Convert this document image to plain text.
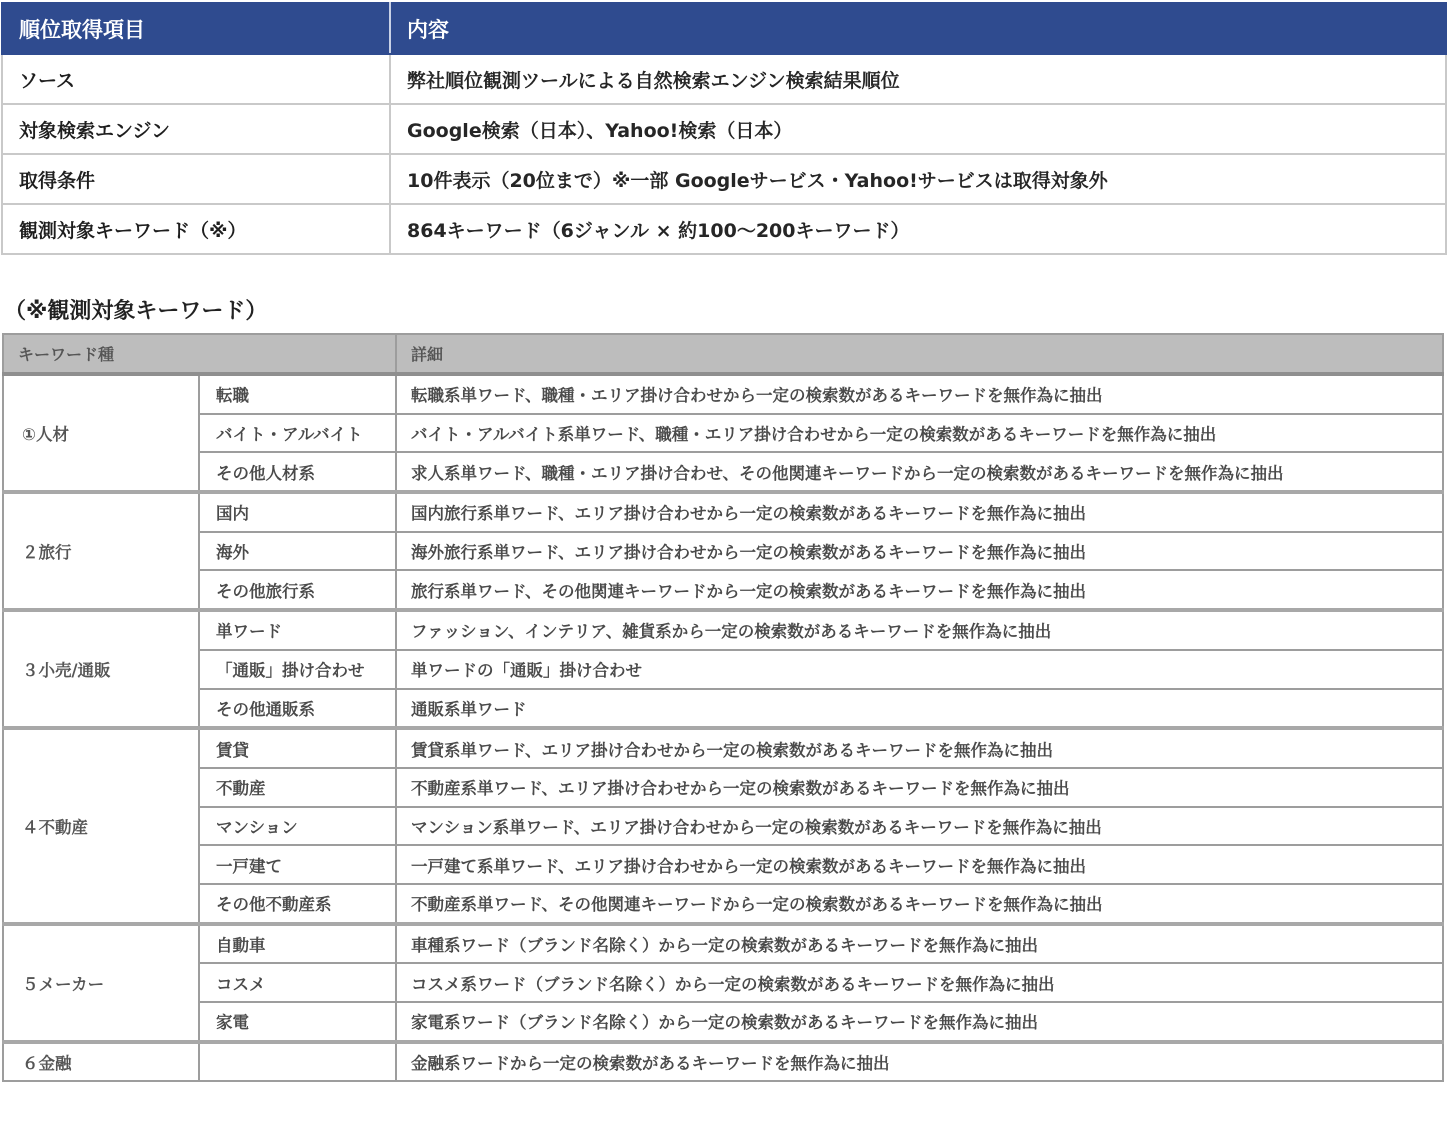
順位取得項目	内容
ソース	弊社順位観測ツールによる自然検索エンジン検索結果順位
対象検索エンジン	Google検索（日本）、Yahoo!検索（日本）
取得条件	10件表示（20位まで）※一部 Googleサービス・Yahoo!サービスは取得対象外
観測対象キーワード（※）	864キーワード（6ジャンル × 約100～200キーワード）
（※観測対象キーワード）
キーワード種		詳細
①人材	転職	転職系単ワード、職種・エリア掛け合わせから一定の検索数があるキーワードを無作為に抽出
	バイト・アルバイト	バイト・アルバイト系単ワード、職種・エリア掛け合わせから一定の検索数があるキーワードを無作為に抽出
	その他人材系	求人系単ワード、職種・エリア掛け合わせ、その他関連キーワードから一定の検索数があるキーワードを無作為に抽出
２旅行	国内	国内旅行系単ワード、エリア掛け合わせから一定の検索数があるキーワードを無作為に抽出
	海外	海外旅行系単ワード、エリア掛け合わせから一定の検索数があるキーワードを無作為に抽出
	その他旅行系	旅行系単ワード、その他関連キーワードから一定の検索数があるキーワードを無作為に抽出
３小売/通販	単ワード	ファッション、インテリア、雑貨系から一定の検索数があるキーワードを無作為に抽出
	「通販」掛け合わせ	単ワードの「通販」掛け合わせ
	その他通販系	通販系単ワード
４不動産	賃貸	賃貸系単ワード、エリア掛け合わせから一定の検索数があるキーワードを無作為に抽出
	不動産	不動産系単ワード、エリア掛け合わせから一定の検索数があるキーワードを無作為に抽出
	マンション	マンション系単ワード、エリア掛け合わせから一定の検索数があるキーワードを無作為に抽出
	一戸建て	一戸建て系単ワード、エリア掛け合わせから一定の検索数があるキーワードを無作為に抽出
	その他不動産系	不動産系単ワード、その他関連キーワードから一定の検索数があるキーワードを無作為に抽出
５メーカー	自動車	車種系ワード（ブランド名除く）から一定の検索数があるキーワードを無作為に抽出
	コスメ	コスメ系ワード（ブランド名除く）から一定の検索数があるキーワードを無作為に抽出
	家電	家電系ワード（ブランド名除く）から一定の検索数があるキーワードを無作為に抽出
６金融		金融系ワードから一定の検索数があるキーワードを無作為に抽出
